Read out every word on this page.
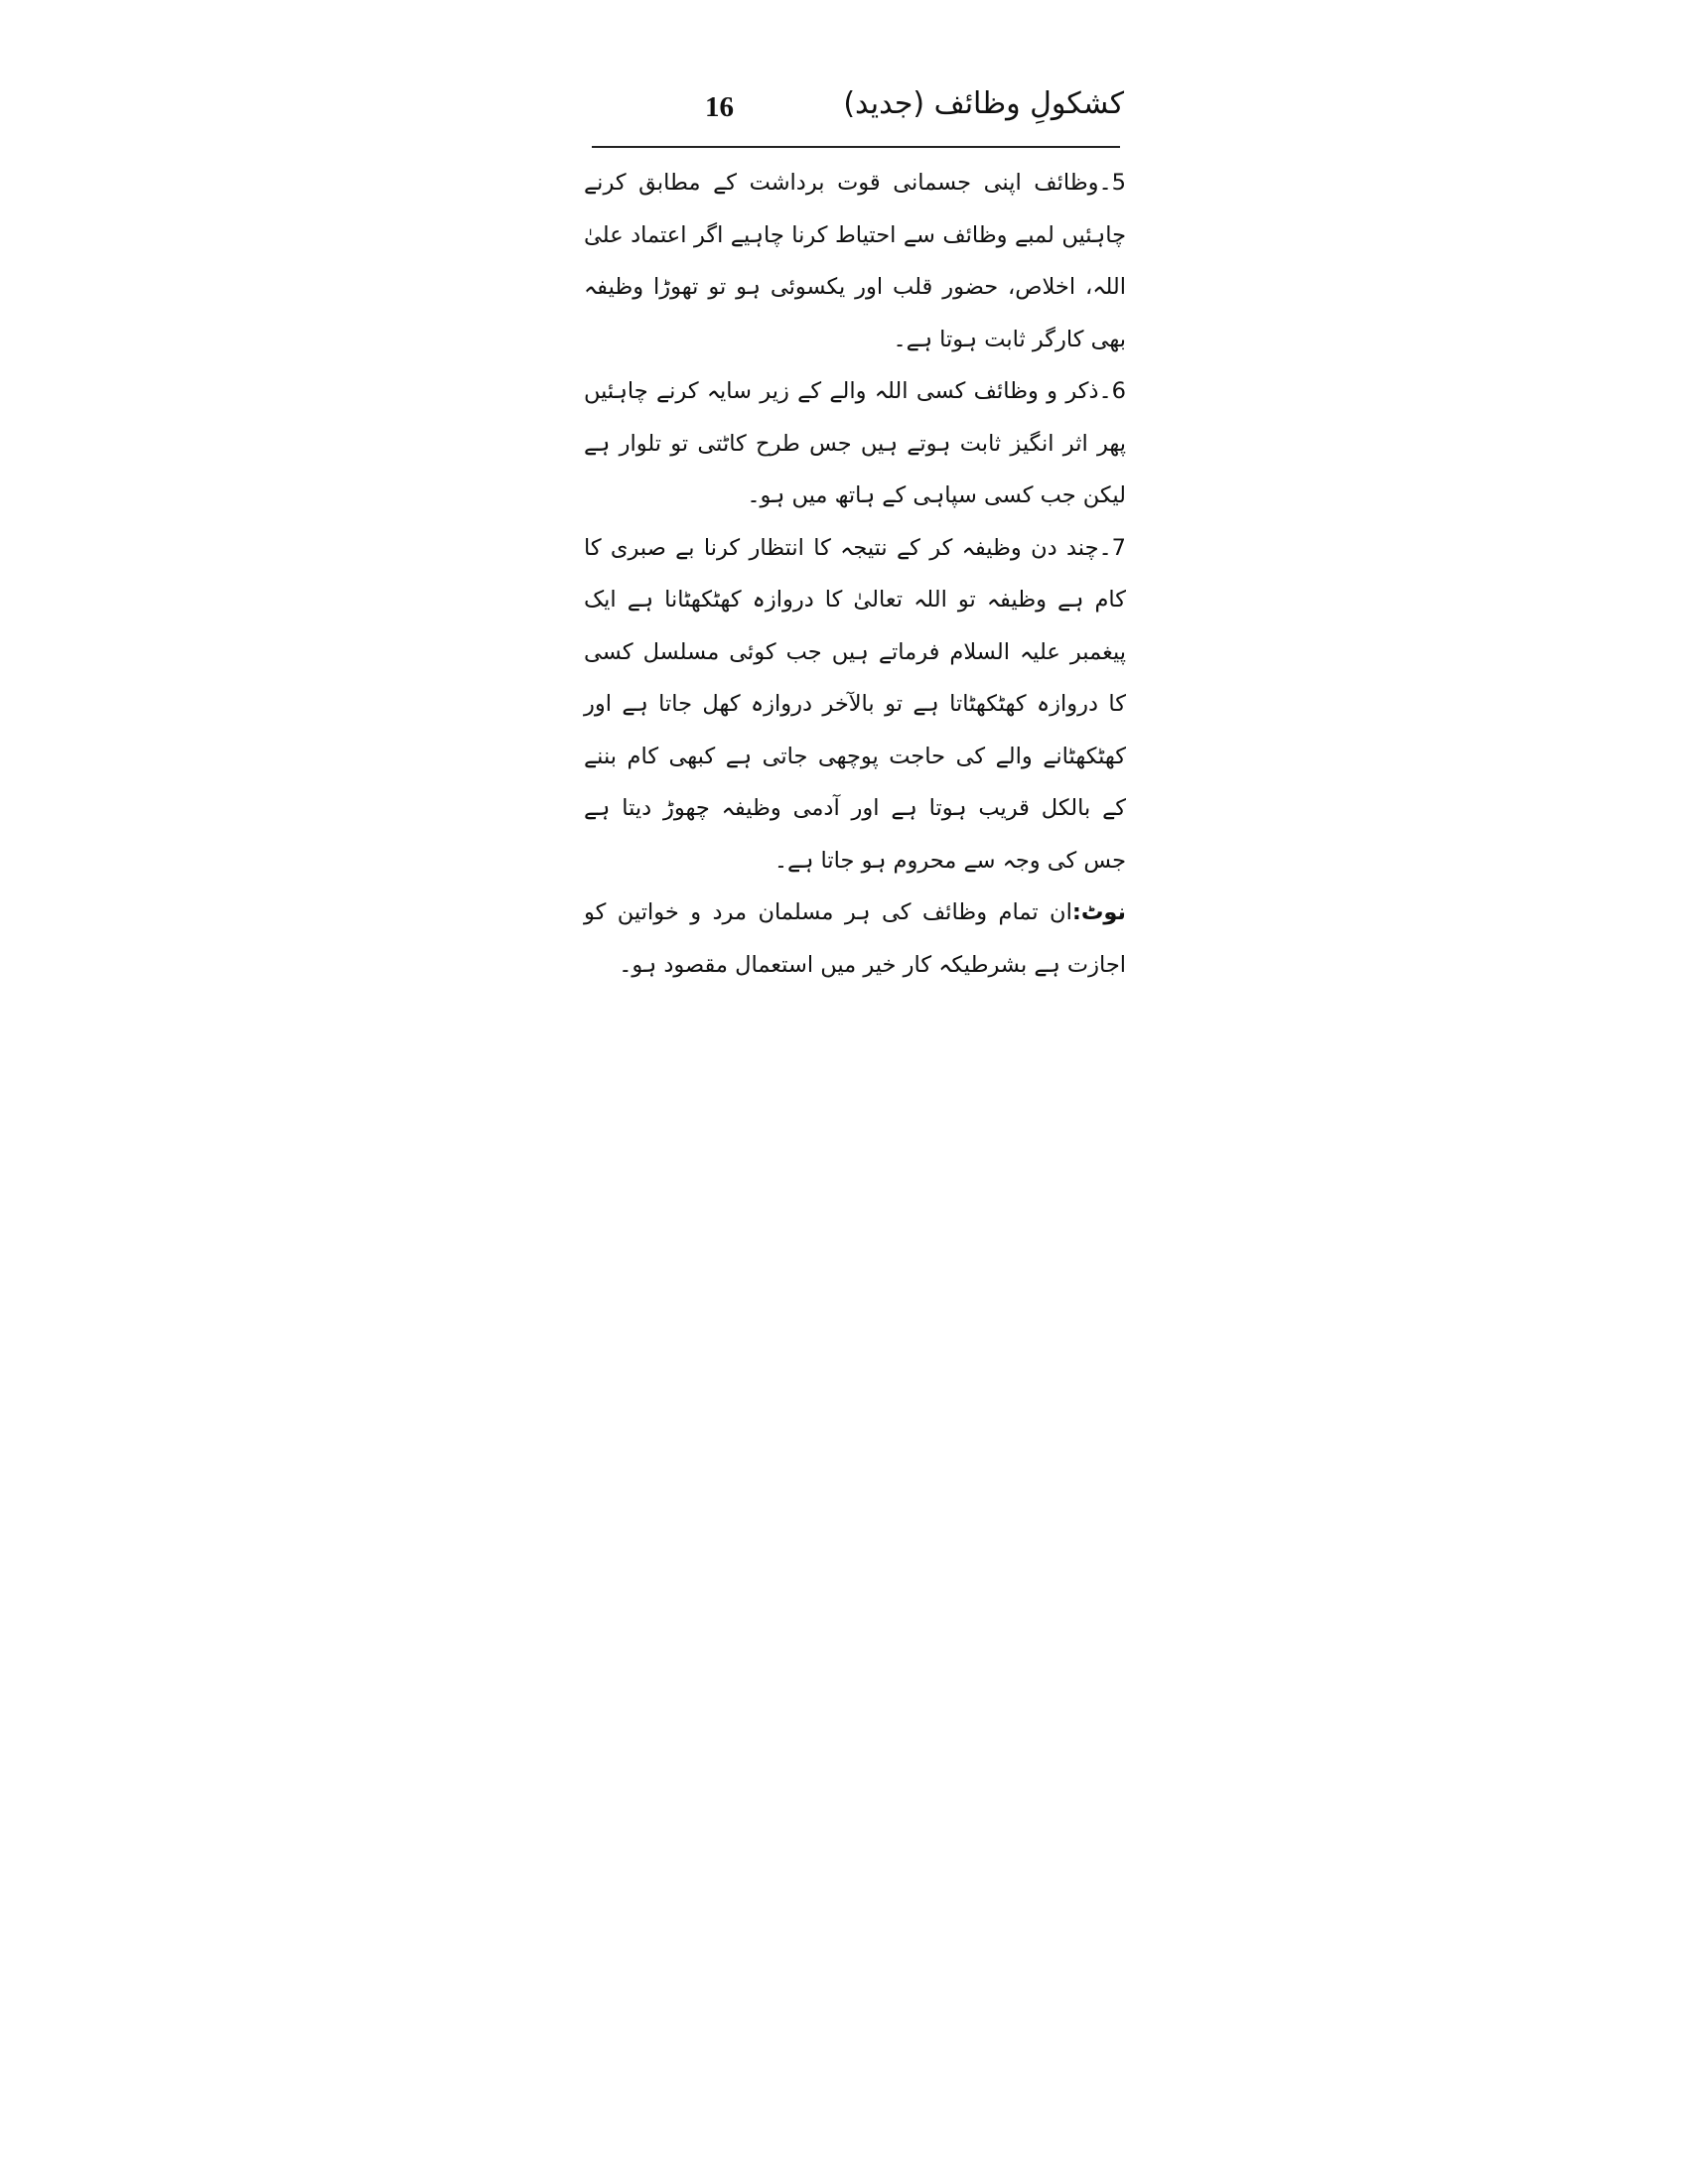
16	کشکولِ وظائف (جدید)

5۔وظائف اپنی جسمانی قوت برداشت کے مطابق کرنے چاہئیں لمبے وظائف سے احتیاط کرنا چاہیے اگر اعتماد علیٰ اللہ، اخلاص، حضور قلب اور یکسوئی ہو تو تھوڑا وظیفہ بھی کارگر ثابت ہوتا ہے۔

6۔ذکر و وظائف کسی اللہ والے کے زیر سایہ کرنے چاہئیں پھر اثر انگیز ثابت ہوتے ہیں جس طرح کاٹتی تو تلوار ہے لیکن جب کسی سپاہی کے ہاتھ میں ہو۔

7۔چند دن وظیفہ کر کے نتیجہ کا انتظار کرنا بے صبری کا کام ہے وظیفہ تو اللہ تعالیٰ کا دروازہ کھٹکھٹانا ہے ایک پیغمبر علیہ السلام فرماتے ہیں جب کوئی مسلسل کسی کا دروازہ کھٹکھٹاتا ہے تو بالآخر دروازہ کھل جاتا ہے اور کھٹکھٹانے والے کی حاجت پوچھی جاتی ہے کبھی کام بننے کے بالکل قریب ہوتا ہے اور آدمی وظیفہ چھوڑ دیتا ہے جس کی وجہ سے محروم ہو جاتا ہے۔

نوٹ:ان تمام وظائف کی ہر مسلمان مرد و خواتین کو اجازت ہے بشرطیکہ کار خیر میں استعمال مقصود ہو۔
